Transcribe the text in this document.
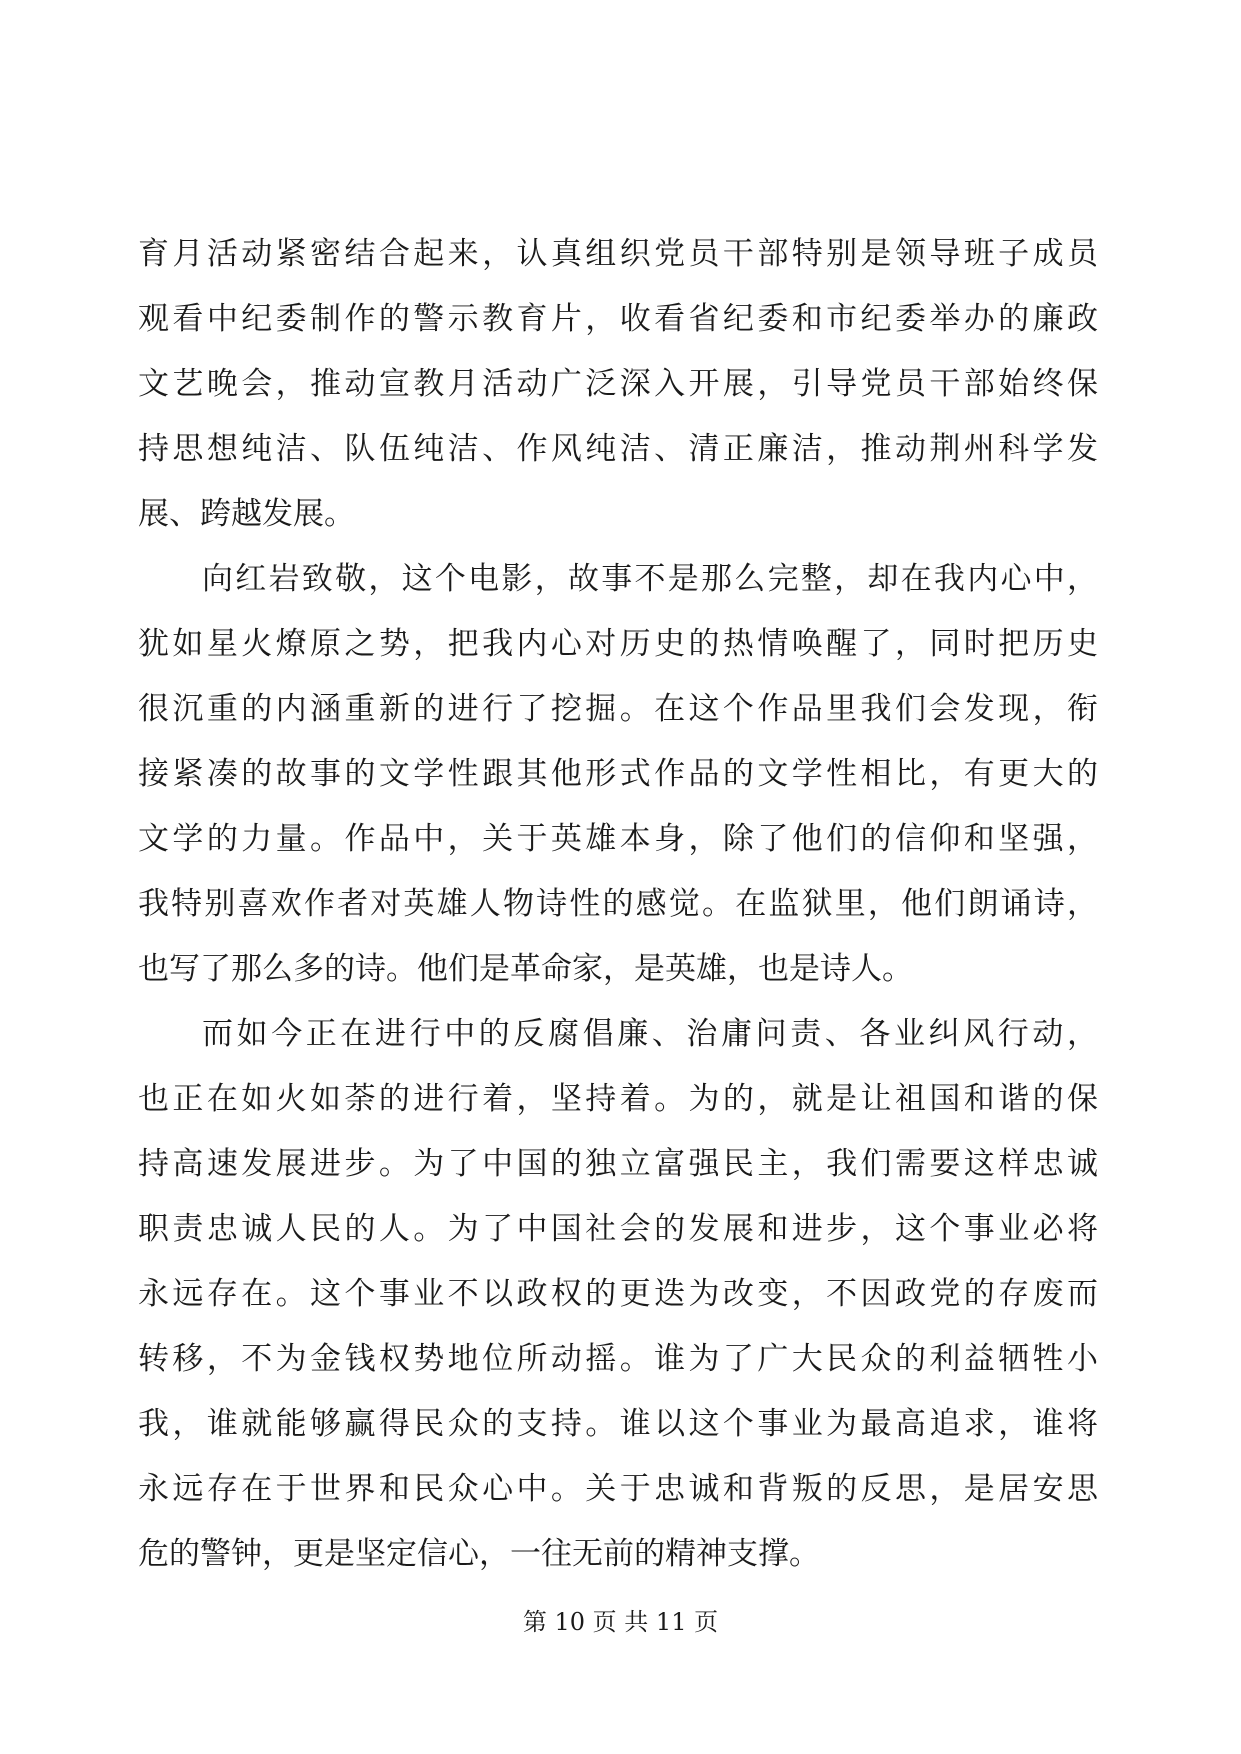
育月活动紧密结合起来，认真组织党员干部特别是领导班子成员
观看中纪委制作的警示教育片，收看省纪委和市纪委举办的廉政
文艺晚会，推动宣教月活动广泛深入开展，引导党员干部始终保
持思想纯洁、队伍纯洁、作风纯洁、清正廉洁，推动荆州科学发
展、跨越发展。
向红岩致敬，这个电影，故事不是那么完整，却在我内心中，
犹如星火燎原之势，把我内心对历史的热情唤醒了，同时把历史
很沉重的内涵重新的进行了挖掘。在这个作品里我们会发现，衔
接紧凑的故事的文学性跟其他形式作品的文学性相比，有更大的
文学的力量。作品中，关于英雄本身，除了他们的信仰和坚强，
我特别喜欢作者对英雄人物诗性的感觉。在监狱里，他们朗诵诗，
也写了那么多的诗。他们是革命家，是英雄，也是诗人。
而如今正在进行中的反腐倡廉、治庸问责、各业纠风行动，
也正在如火如荼的进行着，坚持着。为的，就是让祖国和谐的保
持高速发展进步。为了中国的独立富强民主，我们需要这样忠诚
职责忠诚人民的人。为了中国社会的发展和进步，这个事业必将
永远存在。这个事业不以政权的更迭为改变，不因政党的存废而
转移，不为金钱权势地位所动摇。谁为了广大民众的利益牺牲小
我，谁就能够赢得民众的支持。谁以这个事业为最高追求，谁将
永远存在于世界和民众心中。关于忠诚和背叛的反思，是居安思
危的警钟，更是坚定信心，一往无前的精神支撑。
第 10 页 共 11 页
